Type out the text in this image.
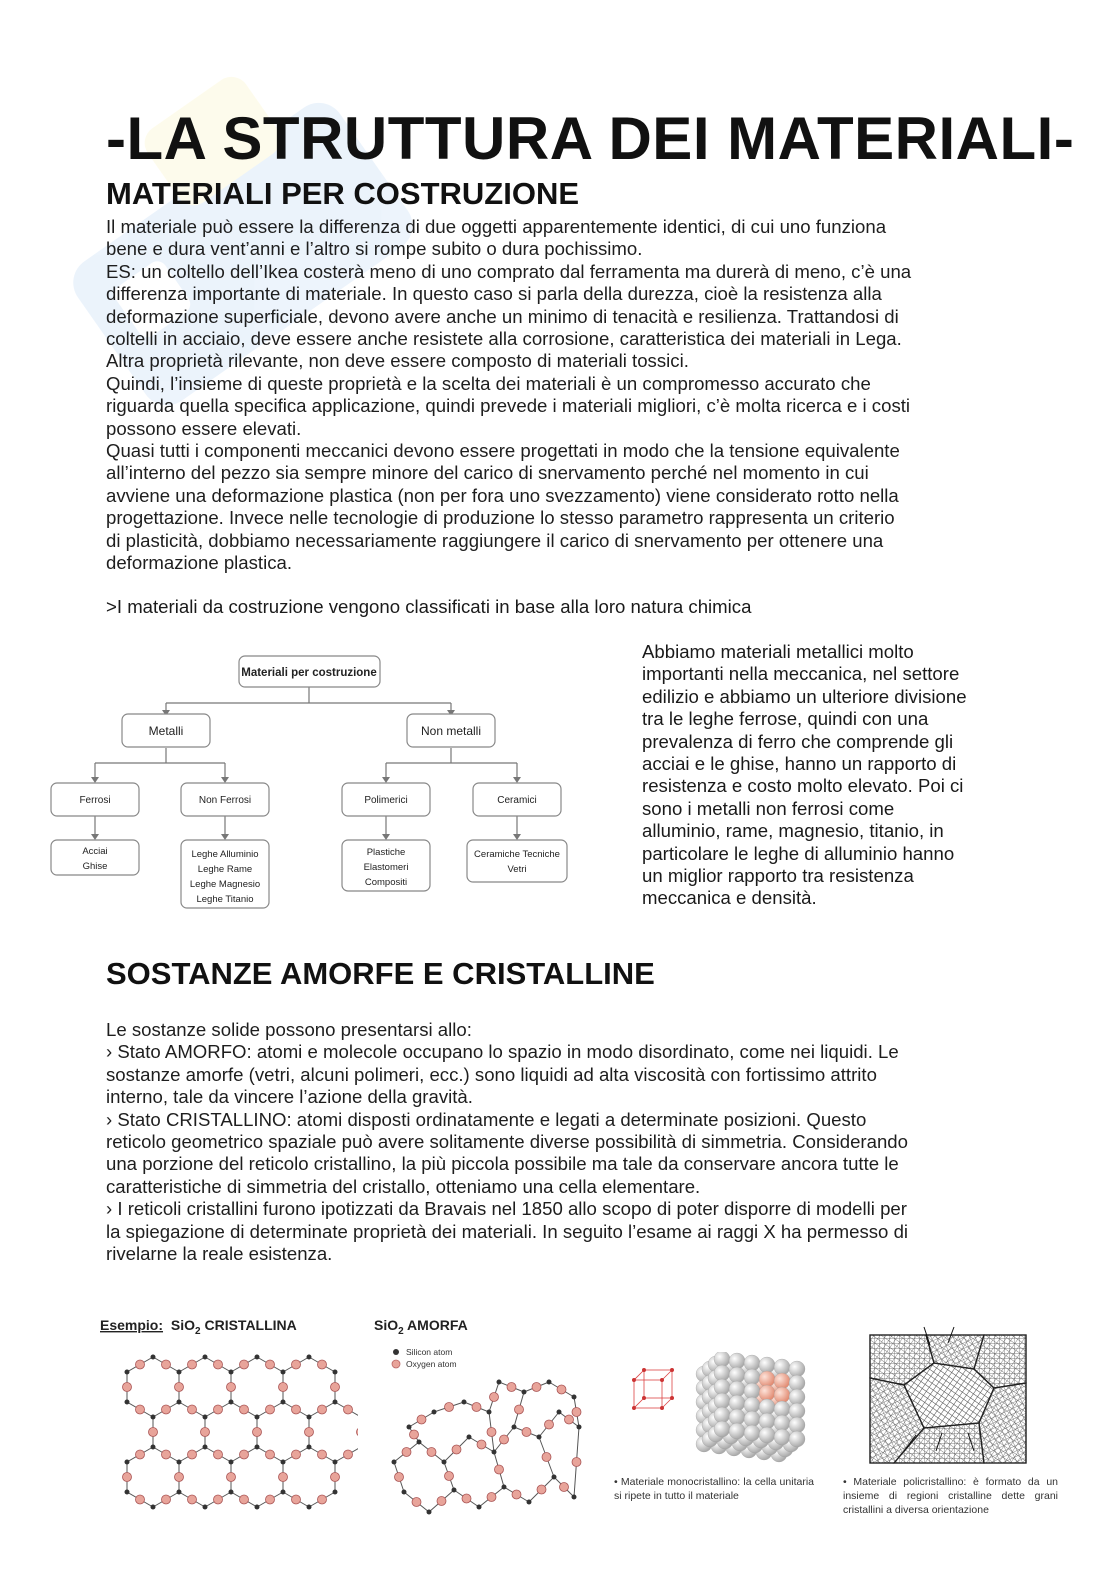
-LA STRUTTURA DEI MATERIALI-
MATERIALI PER COSTRUZIONE
Il materiale può essere la differenza di due oggetti apparentemente identici, di cui uno funziona
bene e dura vent’anni e l’altro si rompe subito o dura pochissimo.
ES: un coltello dell’Ikea costerà meno di uno comprato dal ferramenta ma durerà di meno, c’è una
differenza importante di materiale. In questo caso si parla della durezza, cioè la resistenza alla
deformazione superficiale, devono avere anche un minimo di tenacità e resilienza. Trattandosi di
coltelli in acciaio, deve essere anche resistete alla corrosione, caratteristica dei materiali in Lega.
Altra proprietà rilevante, non deve essere composto di materiali tossici.
Quindi, l’insieme di queste proprietà e la scelta dei materiali è un compromesso accurato che
riguarda quella specifica applicazione, quindi prevede i materiali migliori, c’è molta ricerca e i costi
possono essere elevati.
Quasi tutti i componenti meccanici devono essere progettati in modo che la tensione equivalente
all’interno del pezzo sia sempre minore del carico di snervamento perché nel momento in cui
avviene una deformazione plastica (non per fora uno svezzamento) viene considerato rotto nella
progettazione. Invece nelle tecnologie di produzione lo stesso parametro rappresenta un criterio
di plasticità, dobbiamo necessariamente raggiungere il carico di snervamento per ottenere una
deformazione plastica.

>I materiali da costruzione vengono classificati in base alla loro natura chimica

Materiali per costruzione
Metalli	Non metalli
Ferrosi	Non Ferrosi	Polimerici	Ceramici
Acciai
Ghise
Leghe Alluminio
Leghe Rame
Leghe Magnesio
Leghe Titanio
Plastiche
Elastomeri
Compositi
Ceramiche Tecniche
Vetri
Abbiamo materiali metallici molto
importanti nella meccanica, nel settore
edilizio e abbiamo un ulteriore divisione
tra le leghe ferrose, quindi con una
prevalenza di ferro che comprende gli
acciai e le ghise, hanno un rapporto di
resistenza e costo molto elevato. Poi ci
sono i metalli non ferrosi come
alluminio, rame, magnesio, titanio, in
particolare le leghe di alluminio hanno
un miglior rapporto tra resistenza
meccanica e densità.
SOSTANZE AMORFE E CRISTALLINE
Le sostanze solide possono presentarsi allo:
› Stato AMORFO: atomi e molecole occupano lo spazio in modo disordinato, come nei liquidi. Le
sostanze amorfe (vetri, alcuni polimeri, ecc.) sono liquidi ad alta viscosità con fortissimo attrito
interno, tale da vincere l’azione della gravità.
› Stato CRISTALLINO: atomi disposti ordinatamente e legati a determinate posizioni. Questo
reticolo geometrico spaziale può avere solitamente diverse possibilità di simmetria. Considerando
una porzione del reticolo cristallino, la più piccola possibile ma tale da conservare ancora tutte le
caratteristiche di simmetria del cristallo, otteniamo una cella elementare.
› I reticoli cristallini furono ipotizzati da Bravais nel 1850 allo scopo di poter disporre di modelli per
la spiegazione di determinate proprietà dei materiali. In seguito l’esame ai raggi X ha permesso di
rivelarne la reale esistenza.
Esempio: SiO$_2$ CRISTALLINA	SiO$_2$ AMORFA
Silicon atom
Oxygen atom

• Materiale monocristallino: la cella unitaria si ripete in tutto il materiale

• Materiale policristallino: è formato da un insieme di regioni cristalline dette grani cristallini a diversa orientazione
